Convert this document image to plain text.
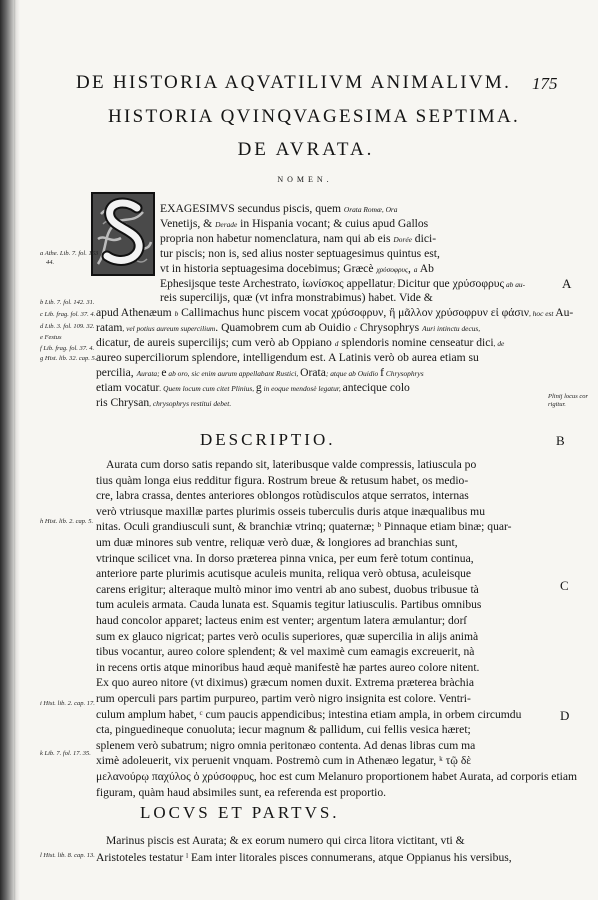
DE HISTORIA AQVATILIVM ANIMALIVM.	175
HISTORIA QVINQVAGESIMA SEPTIMA.
DE AVRATA.
NOMEN.
DESCRIPTIO.
LOCVS ET PARTVS.
EXAGESIMVS secundus piscis, quem Orata Romæ, Ora
Venetijs, & Derade in Hispania vocant; & cuius apud Gallos
propria non habetur nomenclatura, nam qui ab eis Dorée dici-
tur piscis; non is, sed alius noster septuagesimus quintus est,
vt in historia septuagesima docebimus; Græcè χρύσοφρυς, a Ab
Ephesijsque teste Archestrato, ἰωνίσκος appellatur; Dicitur que χρύσοφρυς ab au-
reis supercilijs, quæ (vt infra monstrabimus) habet. Vide &
apud Athenæum b Callimachus hunc piscem vocat χρύσοφρυν, ἢ μᾶλλον χρύσοφρυν εἰ φάσιν, hoc est Au-
ratam, vel potius aureum supercilium. Quamobrem cum ab Ouidio c Chrysophrys Auri intinctu decus,
dicatur, de aureis supercilijs; cum verò ab Oppiano d splendoris nomine censeatur dici, de
aureo superciliorum splendore, intelligendum est. A Latinis verò ob aurea etiam su
percilia, Aurata; e ab oro, sic enim aurum appellabant Rustici, Orata; atque ab Ouidio f Chrysophrys
etiam vocatur. Quem locum cum citet Plinius, g in eoque mendosè legatur, antecique colo
ris Chrysan, chrysophrys restitui debet.
Aurata cum dorso satis repando sit, lateribusque valde compressis, latiuscula po
tius quàm longa eius redditur figura. Rostrum breue & retusum habet, os medio-
cre, labra crassa, dentes anteriores oblongos rotùdisculos atque serratos, internas
verò vtriusque maxillæ partes plurimis osseis tuberculis duris atque inæqualibus mu
nitas. Oculi grandiusculi sunt, & branchiæ vtrinq; quaternæ; ᵇ Pinnaque etiam binæ; quar-
um duæ minores sub ventre, reliquæ verò duæ, & longiores ad branchias sunt,
vtrinque scilicet vna. In dorso præterea pinna vnica, per eum ferè totum continua,
anteriore parte plurimis acutisque aculeis munita, reliqua verò obtusa, aculeisque
carens erigitur; alteraque multò minor imo ventri ab ano subest, duobus tribusue tà
tum aculeis armata. Cauda lunata est. Squamis tegitur latiusculis. Partibus omnibus
haud concolor apparet; lacteus enim est venter; argentum latera æmulantur; dorſ
sum ex glauco nigricat; partes verò oculis superiores, quæ supercilia in alijs animà
tibus vocantur, aureo colore splendent; & vel maximè cum eamagis excreuerit, nà
in recens ortis atque minoribus haud æquè manifestè hæ partes aureo colore nitent.
Ex quo aureo nitore (vt diximus) græcum nomen duxit. Extrema præterea bràchia
rum operculi pars partim purpureo, partim verò nigro insignita est colore. Ventri-
culum amplum habet, ᶜ cum paucis appendicibus; intestina etiam ampla, in orbem circumdu
cta, pinguedineque conuoluta; iecur magnum & pallidum, cui fellis vesica hæret;
splenem verò subatrum; nigro omnia peritonæo contenta. Ad denas libras cum ma
ximè adoleuerit, vix peruenit vnquam. Postremò cum in Athenæo legatur, ᵏ τῷ δὲ
μελανούρῳ παχύλος ὁ χρύσοφρυς, hoc est cum Melanuro proportionem habet Aurata, ad corporis etiam
figuram, quàm haud absimiles sunt, ea referenda est proportio.
Marinus piscis est Aurata; & ex eorum numero qui circa litora victitant, vti &
Aristoteles testatur ˡ Eam inter litorales pisces connumerans, atque Oppianus his versibus,
a Athe. Lib. 7. fol. 163
44.
b Lib. 7. fol. 142. 31.
c Lib. frag. fol. 37. 4.
d Lib. 3. fol. 109. 32.
e Festus
f Lib. frag. fol. 37. 4.
g Hist. lib. 32. cap. 5.
h Hist. lib. 2. cap. 5.
i Hist. lib. 2. cap. 17.
k Lib. 7. fol. 17. 35.
l Hist. lib. 8. cap. 13.
Plinij locus cor
rigitur.
A
B
C
D
